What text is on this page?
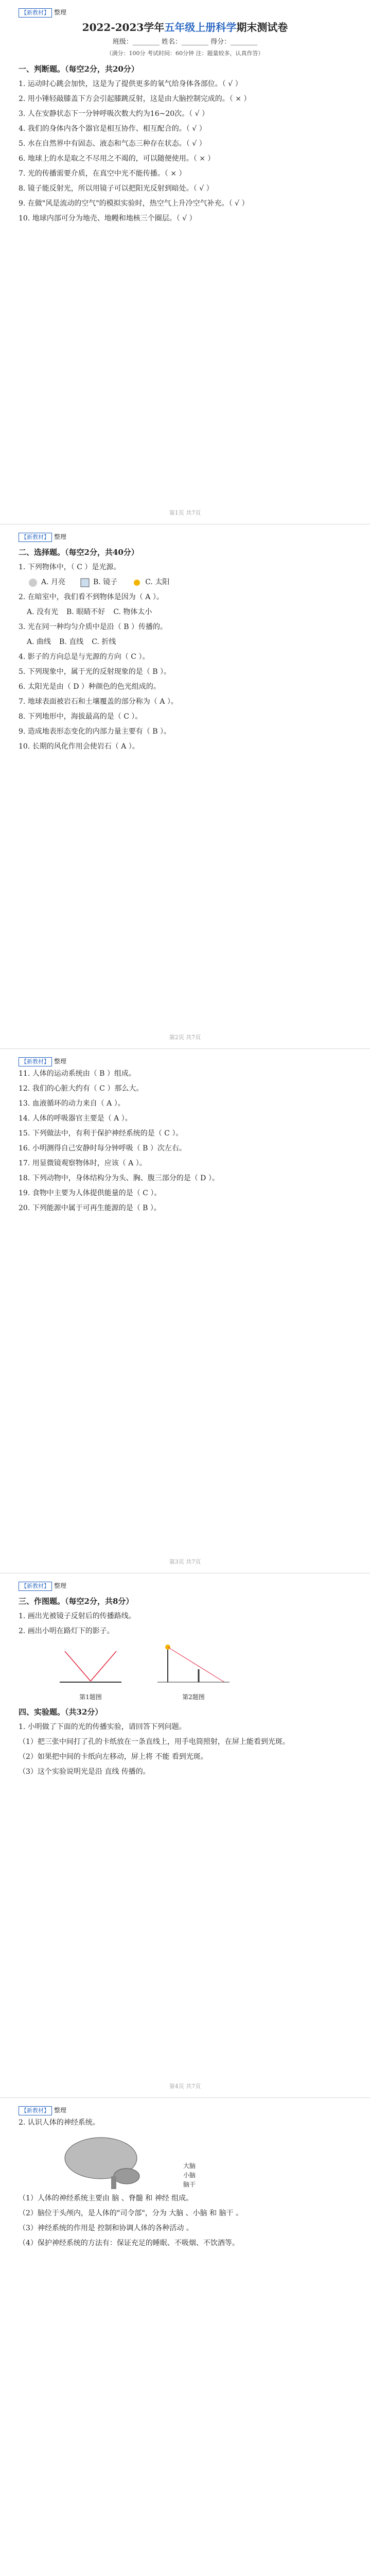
【新教材】 整理
2022-2023学年五年级上册科学期末测试卷
班级：________ 姓名：________ 得分：________
（满分：100分 考试时间：60分钟 注：题量较多，认真作答）
一、判断题。（每空2分，共20分）
1. 运动时心跳会加快，这是为了提供更多的氧气给身体各部位。（ √ ）
2. 用小锤轻敲膝盖下方会引起膝跳反射，这是由大脑控制完成的。（ × ）
3. 人在安静状态下一分钟呼吸次数大约为16~20次。（ √ ）
4. 我们的身体内各个器官是相互协作、相互配合的。（ √ ）
5. 水在自然界中有固态、液态和气态三种存在状态。（ √ ）
6. 地球上的水是取之不尽用之不竭的，可以随便使用。（ × ）
7. 光的传播需要介质，在真空中光不能传播。（ × ）
8. 镜子能反射光，所以用镜子可以把阳光反射到暗处。（ √ ）
9. 在做"风是流动的空气"的模拟实验时，热空气上升冷空气补充。（ √ ）
10. 地球内部可分为地壳、地幔和地核三个圈层。（ √ ）
第1页 共7页
【新教材】 整理
二、选择题。（每空2分，共40分）
1. 下列物体中，（ C ）是光源。
A. 月亮	B. 镜子	C. 太阳
2. 在暗室中，我们看不到物体是因为（ A ）。
A. 没有光 B. 眼睛不好 C. 物体太小
3. 光在同一种均匀介质中是沿（ B ）传播的。
A. 曲线 B. 直线 C. 折线
4. 影子的方向总是与光源的方向（ C ）。
5. 下列现象中，属于光的反射现象的是（ B ）。
6. 太阳光是由（ D ）种颜色的色光组成的。
7. 地球表面被岩石和土壤覆盖的部分称为（ A ）。
8. 下列地形中，海拔最高的是（ C ）。
9. 造成地表形态变化的内部力量主要有（ B ）。
10. 长期的风化作用会使岩石（ A ）。
第2页 共7页
【新教材】 整理
11. 人体的运动系统由（ B ）组成。
12. 我们的心脏大约有（ C ）那么大。
13. 血液循环的动力来自（ A ）。
14. 人体的呼吸器官主要是（ A ）。
15. 下列做法中，有利于保护神经系统的是（ C ）。
16. 小明测得自己安静时每分钟呼吸（ B ）次左右。
17. 用显微镜观察物体时，应该（ A ）。
18. 下列动物中，身体结构分为头、胸、腹三部分的是（ D ）。
19. 食物中主要为人体提供能量的是（ C ）。
20. 下列能源中属于可再生能源的是（ B ）。
第3页 共7页
【新教材】 整理
三、作图题。（每空2分，共8分）
1. 画出光被镜子反射后的传播路线。
2. 画出小明在路灯下的影子。
第1题图	第2题图
四、实验题。（共32分）
1. 小明做了下面的光的传播实验，请回答下列问题。
（1）把三张中间打了孔的卡纸放在一条直线上，用手电筒照射，在屏上能看到光斑。
（2）如果把中间的卡纸向左移动，屏上将 不能 看到光斑。
（3）这个实验说明光是沿 直线 传播的。
第4页 共7页
【新教材】 整理
2. 认识人体的神经系统。
大脑
小脑
脑干
（1）人体的神经系统主要由 脑 、脊髓 和 神经 组成。
（2）脑位于头颅内，是人体的"司令部"，分为 大脑 、小脑 和 脑干 。
（3）神经系统的作用是 控制和协调人体的各种活动 。
（4）保护神经系统的方法有：保证充足的睡眠、不吸烟、不饮酒等。
